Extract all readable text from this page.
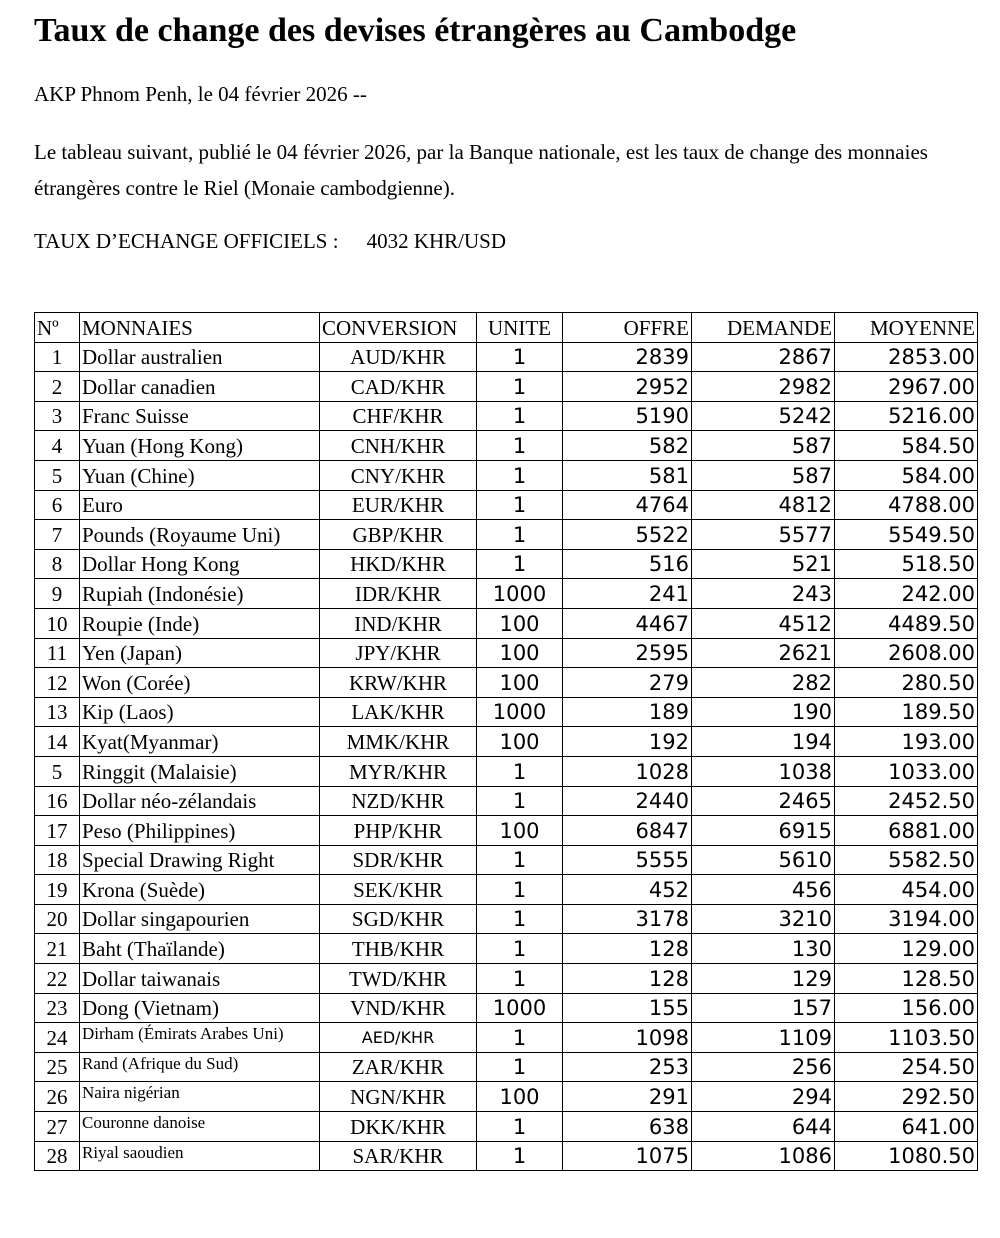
Taux de change des devises étrangères au Cambodge
AKP Phnom Penh, le 04 février 2026 --
Le tableau suivant, publié le 04 février 2026, par la Banque nationale, est les taux de change des monnaies étrangères contre le Riel (Monaie cambodgienne).
TAUX D’ECHANGE OFFICIELS : 4032 KHR/USD
Nº	MONNAIES	CONVERSION	UNITE	OFFRE	DEMANDE	MOYENNE
1	Dollar australien	AUD/KHR	1	2839	2867	2853.00
2	Dollar canadien	CAD/KHR	1	2952	2982	2967.00
3	Franc Suisse	CHF/KHR	1	5190	5242	5216.00
4	Yuan (Hong Kong)	CNH/KHR	1	582	587	584.50
5	Yuan (Chine)	CNY/KHR	1	581	587	584.00
6	Euro	EUR/KHR	1	4764	4812	4788.00
7	Pounds (Royaume Uni)	GBP/KHR	1	5522	5577	5549.50
8	Dollar Hong Kong	HKD/KHR	1	516	521	518.50
9	Rupiah (Indonésie)	IDR/KHR	1000	241	243	242.00
10	Roupie (Inde)	IND/KHR	100	4467	4512	4489.50
11	Yen (Japan)	JPY/KHR	100	2595	2621	2608.00
12	Won (Corée)	KRW/KHR	100	279	282	280.50
13	Kip (Laos)	LAK/KHR	1000	189	190	189.50
14	Kyat(Myanmar)	MMK/KHR	100	192	194	193.00
5	Ringgit (Malaisie)	MYR/KHR	1	1028	1038	1033.00
16	Dollar néo-zélandais	NZD/KHR	1	2440	2465	2452.50
17	Peso (Philippines)	PHP/KHR	100	6847	6915	6881.00
18	Special Drawing Right	SDR/KHR	1	5555	5610	5582.50
19	Krona (Suède)	SEK/KHR	1	452	456	454.00
20	Dollar singapourien	SGD/KHR	1	3178	3210	3194.00
21	Baht (Thaïlande)	THB/KHR	1	128	130	129.00
22	Dollar taiwanais	TWD/KHR	1	128	129	128.50
23	Dong (Vietnam)	VND/KHR	1000	155	157	156.00
24	Dirham (Émirats Arabes Uni)	AED/KHR	1	1098	1109	1103.50
25	Rand (Afrique du Sud)	ZAR/KHR	1	253	256	254.50
26	Naira nigérian	NGN/KHR	100	291	294	292.50
27	Couronne danoise	DKK/KHR	1	638	644	641.00
28	Riyal saoudien	SAR/KHR	1	1075	1086	1080.50
